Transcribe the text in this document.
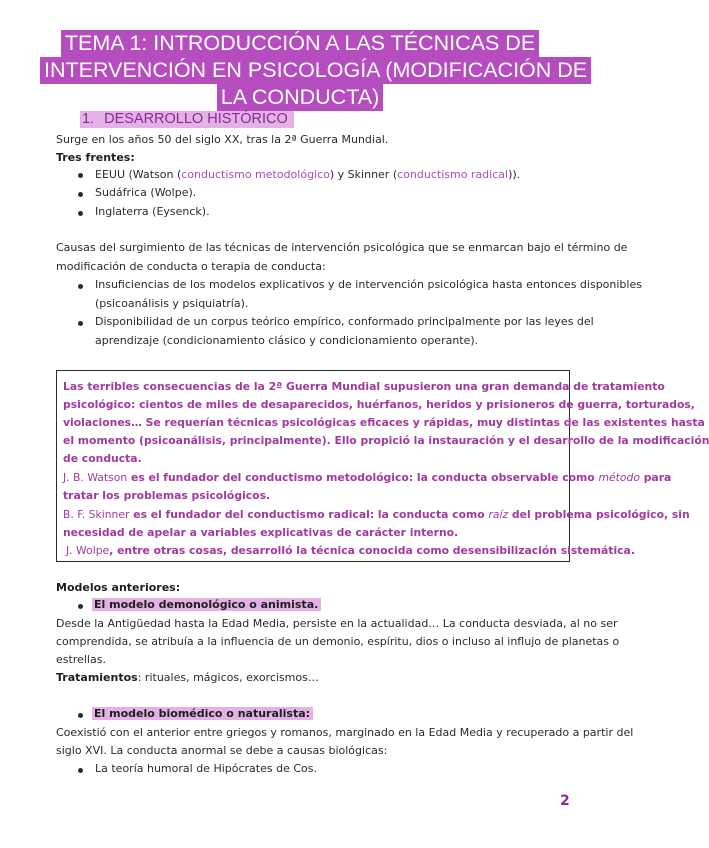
TEMA 1: INTRODUCCIÓN A LAS TÉCNICAS DE
INTERVENCIÓN EN PSICOLOGÍA (MODIFICACIÓN DE
LA CONDUCTA)
1. DESARROLLO HISTÓRICO
Surge en los años 50 del siglo XX, tras la 2ª Guerra Mundial.
Tres frentes:
EEUU (Watson (conductismo metodológico) y Skinner (conductismo radical)).
Sudáfrica (Wolpe).
Inglaterra (Eysenck).
Causas del surgimiento de las técnicas de intervención psicológica que se enmarcan bajo el término de
modificación de conducta o terapia de conducta:
Insuficiencias de los modelos explicativos y de intervención psicológica hasta entonces disponibles
(psicoanálisis y psiquiatría).
Disponibilidad de un corpus teórico empírico, conformado principalmente por las leyes del
aprendizaje (condicionamiento clásico y condicionamiento operante).
Las terribles consecuencias de la 2ª Guerra Mundial supusieron una gran demanda de tratamiento
psicológico: cientos de miles de desaparecidos, huérfanos, heridos y prisioneros de guerra, torturados,
violaciones… Se requerían técnicas psicológicas eficaces y rápidas, muy distintas de las existentes hasta
el momento (psicoanálisis, principalmente). Ello propició la instauración y el desarrollo de la modificación
de conducta.
J. B. Watson es el fundador del conductismo metodológico: la conducta observable como método para
tratar los problemas psicológicos.
B. F. Skinner es el fundador del conductismo radical: la conducta como raíz del problema psicológico, sin
necesidad de apelar a variables explicativas de carácter interno.
J. Wolpe, entre otras cosas, desarrolló la técnica conocida como desensibilización sistemática.
Modelos anteriores:
El modelo demonológico o animista.
Desde la Antigüedad hasta la Edad Media, persiste en la actualidad… La conducta desviada, al no ser
comprendida, se atribuía a la influencia de un demonio, espíritu, dios o incluso al influjo de planetas o
estrellas.
Tratamientos: rituales, mágicos, exorcismos…
El modelo biomédico o naturalista:
Coexistió con el anterior entre griegos y romanos, marginado en la Edad Media y recuperado a partir del
siglo XVI. La conducta anormal se debe a causas biológicas:
La teoría humoral de Hipócrates de Cos.
2
